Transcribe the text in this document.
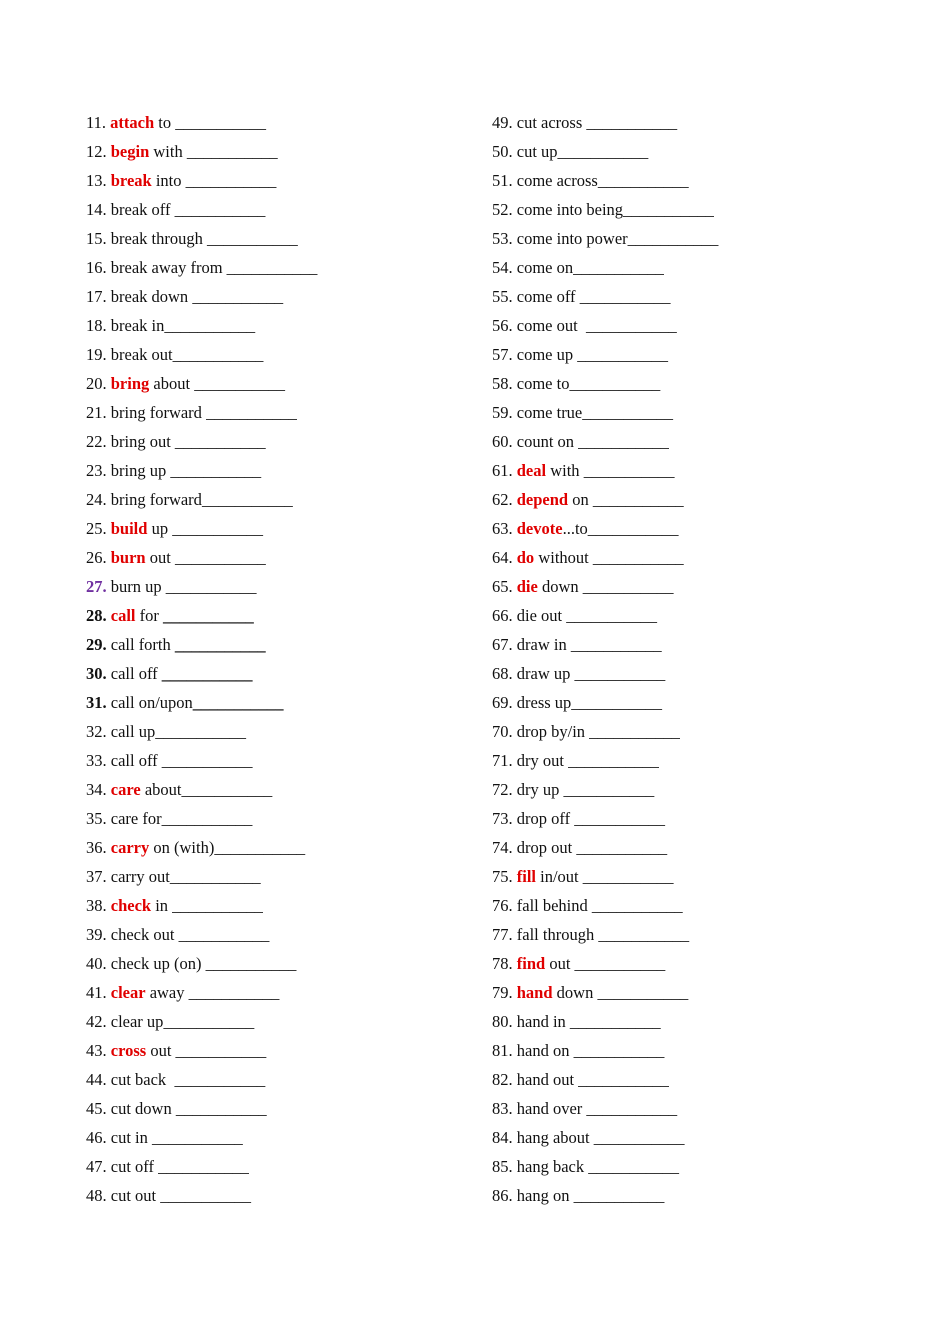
11. attach to ___________
12. begin with ___________
13. break into ___________
14. break off ___________
15. break through ___________
16. break away from ___________
17. break down ___________
18. break in___________
19. break out___________
20. bring about ___________
21. bring forward ___________
22. bring out ___________
23. bring up ___________
24. bring forward___________
25. build up ___________
26. burn out ___________
27. burn up ___________
28. call for ___________
29. call forth ___________
30. call off ___________
31. call on/upon___________
32. call up___________
33. call off ___________
34. care about___________
35. care for___________
36. carry on (with)___________
37. carry out___________
38. check in ___________
39. check out ___________
40. check up (on) ___________
41. clear away ___________
42. clear up___________
43. cross out ___________
44. cut back  ___________
45. cut down ___________
46. cut in ___________
47. cut off ___________
48. cut out ___________
49. cut across ___________
50. cut up___________
51. come across___________
52. come into being___________
53. come into power___________
54. come on___________
55. come off ___________
56. come out  ___________
57. come up ___________
58. come to___________
59. come true___________
60. count on ___________
61. deal with ___________
62. depend on ___________
63. devote...to___________
64. do without ___________
65. die down ___________
66. die out ___________
67. draw in ___________
68. draw up ___________
69. dress up___________
70. drop by/in ___________
71. dry out ___________
72. dry up ___________
73. drop off ___________
74. drop out ___________
75. fill in/out ___________
76. fall behind ___________
77. fall through ___________
78. find out ___________
79. hand down ___________
80. hand in ___________
81. hand on ___________
82. hand out ___________
83. hand over ___________
84. hang about ___________
85. hang back ___________
86. hang on ___________
